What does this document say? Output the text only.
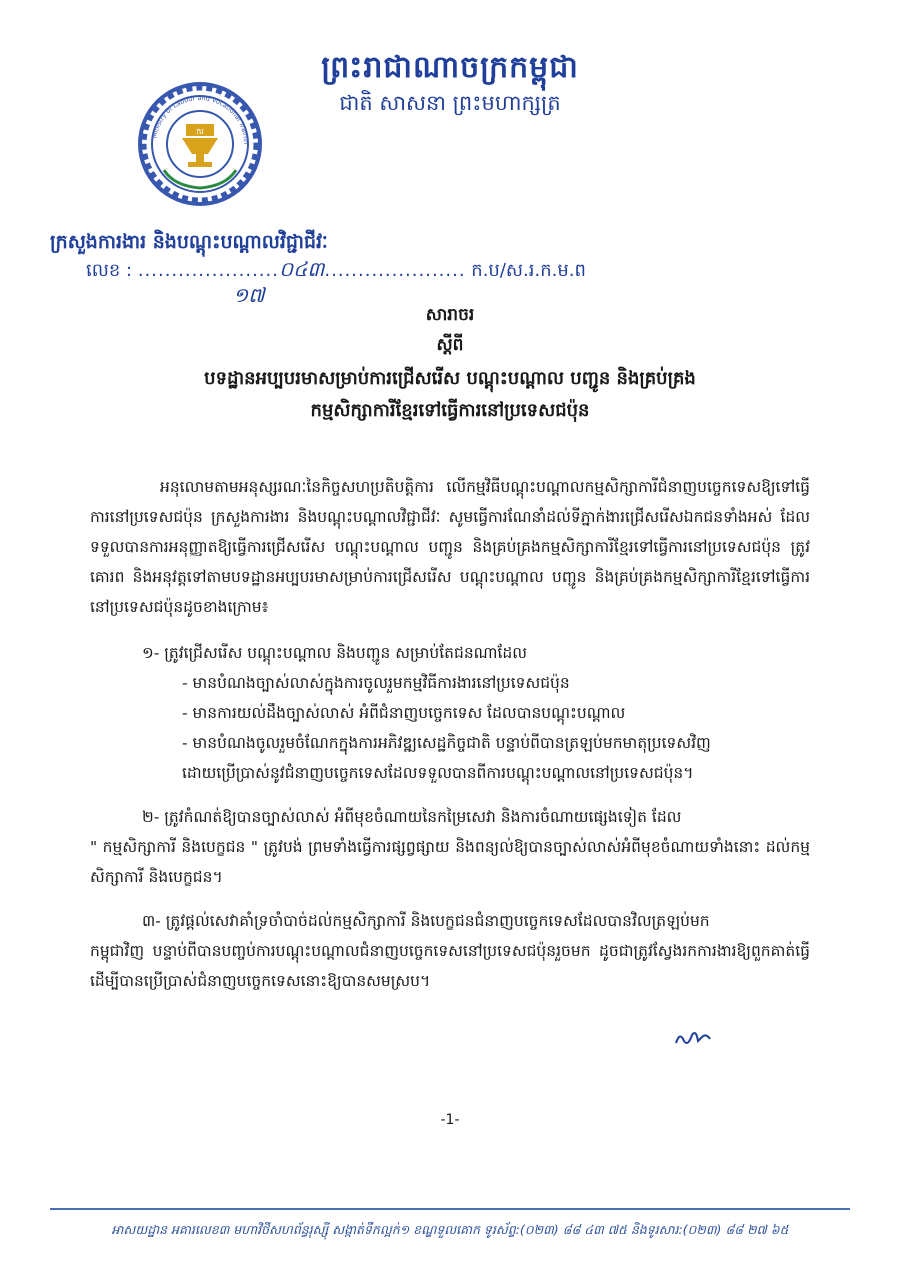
ករ
Ministry of Labour and Vocational Trainin
ព្រះរាជាណាចក្រកម្ពុជា
ជាតិ សាសនា ព្រះមហាក្សត្រ
ក្រសួងការងារ និងបណ្តុះបណ្តាលវិជ្ជាជីវៈ
លេខ : .....................០៤៣..................... ក.ប/ស.រ.ក.ម.ព
១៧
សារាចរ
ស្តីពី
បទដ្ឋានអប្បបរមាសម្រាប់ការជ្រើសរើស បណ្តុះបណ្តាល បញ្ជូន និងគ្រប់គ្រង
កម្មសិក្សាការីខ្មែរទៅធ្វើការនៅប្រទេសជប៉ុន

អនុលោមតាមអនុស្សរណៈនៃកិច្ចសហប្រតិបត្តិការ លើកម្មវិធីបណ្តុះបណ្តាលកម្មសិក្សាការីជំនាញបច្ចេកទេសឱ្យទៅធ្វើការនៅប្រទេសជប៉ុន ក្រសួងការងារ និងបណ្តុះបណ្តាលវិជ្ជាជីវៈ សូមធ្វើការណែនាំដល់ទីភ្នាក់ងារជ្រើសរើសឯកជនទាំងអស់ ដែលទទួលបានការអនុញ្ញាតឱ្យធ្វើការជ្រើសរើស បណ្តុះបណ្តាល បញ្ជូន និងគ្រប់គ្រងកម្មសិក្សាការីខ្មែរទៅធ្វើការនៅប្រទេសជប៉ុន ត្រូវគោរព និងអនុវត្តទៅតាមបទដ្ឋានអប្បបរមាសម្រាប់ការជ្រើសរើស បណ្តុះបណ្តាល បញ្ជូន និងគ្រប់គ្រងកម្មសិក្សាការីខ្មែរទៅធ្វើការនៅប្រទេសជប៉ុនដូចខាងក្រោម៖

១- ត្រូវជ្រើសរើស បណ្តុះបណ្តាល និងបញ្ជូន សម្រាប់តែជនណាដែល

- មានបំណងច្បាស់លាស់ក្នុងការចូលរួមកម្មវិធីការងារនៅប្រទេសជប៉ុន

- មានការយល់ដឹងច្បាស់លាស់ អំពីជំនាញបច្ចេកទេស ដែលបានបណ្តុះបណ្តាល

- មានបំណងចូលរួមចំណែកក្នុងការអភិវឌ្ឍសេដ្ឋកិច្ចជាតិ បន្ទាប់ពីបានត្រឡប់មកមាតុប្រទេសវិញ

ដោយប្រើប្រាស់នូវជំនាញបច្ចេកទេសដែលទទួលបានពីការបណ្តុះបណ្តាលនៅប្រទេសជប៉ុន។

២- ត្រូវកំណត់ឱ្យបានច្បាស់លាស់ អំពីមុខចំណាយនៃកម្រៃសេវា និងការចំណាយផ្សេងទៀត ដែល

" កម្មសិក្សាការី និងបេក្ខជន " ត្រូវបង់ ព្រមទាំងធ្វើការផ្សព្វផ្សាយ និងពន្យល់ឱ្យបានច្បាស់លាស់អំពីមុខចំណាយទាំងនោះ ដល់កម្មសិក្សាការី និងបេក្ខជន។

៣- ត្រូវផ្តល់សេវាគាំទ្រចាំបាច់ដល់កម្មសិក្សាការី និងបេក្ខជនជំនាញបច្ចេកទេសដែលបានវិលត្រឡប់មក

កម្ពុជាវិញ បន្ទាប់ពីបានបញ្ចប់ការបណ្តុះបណ្តាលជំនាញបច្ចេកទេសនៅប្រទេសជប៉ុនរួចមក ដូចជាត្រូវស្វែងរកការងារឱ្យពួកគាត់ធ្វើ ដើម្បីបានប្រើប្រាស់ជំនាញបច្ចេកទេសនោះឱ្យបានសមស្រប។

-1-
អាសយដ្ឋាន អគារលេខ៣ មហាវិថីសហព័ន្ធរុស្ស៊ី សង្កាត់ទឹកល្អក់១ ខណ្ឌទួលគោក ទូរស័ព្ទ:(០២៣) ៨៨ ៤៣ ៧៥ និងទូរសារ:(០២៣) ៨៨ ២៧ ៦៥
